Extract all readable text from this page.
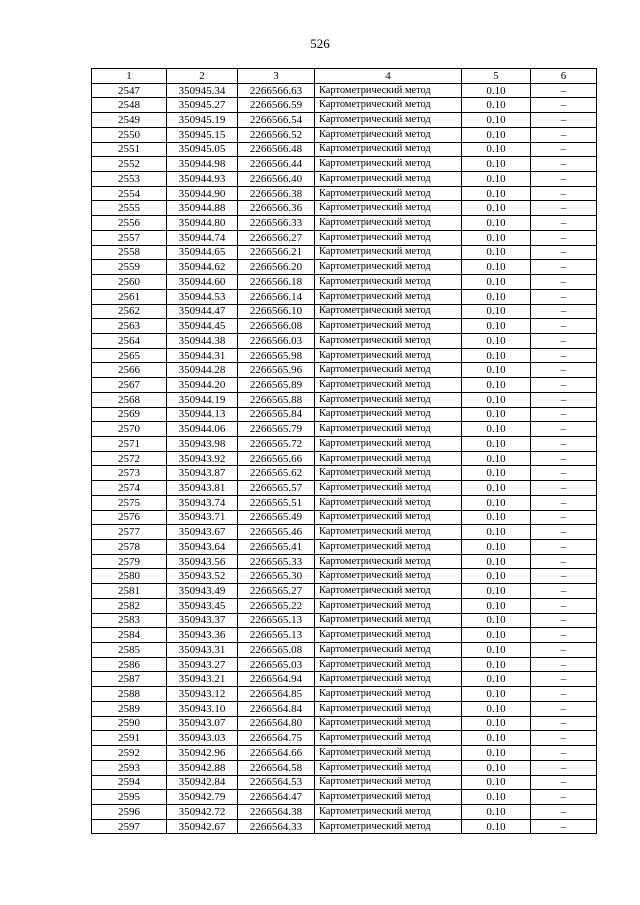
526
1	2	3	4	5	6
2547	350945.34	2266566.63	Картометрический метод	0.10	–
2548	350945.27	2266566.59	Картометрический метод	0.10	–
2549	350945.19	2266566.54	Картометрический метод	0.10	–
2550	350945.15	2266566.52	Картометрический метод	0.10	–
2551	350945.05	2266566.48	Картометрический метод	0.10	–
2552	350944.98	2266566.44	Картометрический метод	0.10	–
2553	350944.93	2266566.40	Картометрический метод	0.10	–
2554	350944.90	2266566.38	Картометрический метод	0.10	–
2555	350944.88	2266566.36	Картометрический метод	0.10	–
2556	350944.80	2266566.33	Картометрический метод	0.10	–
2557	350944.74	2266566.27	Картометрический метод	0.10	–
2558	350944.65	2266566.21	Картометрический метод	0.10	–
2559	350944.62	2266566.20	Картометрический метод	0.10	–
2560	350944.60	2266566.18	Картометрический метод	0.10	–
2561	350944.53	2266566.14	Картометрический метод	0.10	–
2562	350944.47	2266566.10	Картометрический метод	0.10	–
2563	350944.45	2266566.08	Картометрический метод	0.10	–
2564	350944.38	2266566.03	Картометрический метод	0.10	–
2565	350944.31	2266565.98	Картометрический метод	0.10	–
2566	350944.28	2266565.96	Картометрический метод	0.10	–
2567	350944.20	2266565.89	Картометрический метод	0.10	–
2568	350944.19	2266565.88	Картометрический метод	0.10	–
2569	350944.13	2266565.84	Картометрический метод	0.10	–
2570	350944.06	2266565.79	Картометрический метод	0.10	–
2571	350943.98	2266565.72	Картометрический метод	0.10	–
2572	350943.92	2266565.66	Картометрический метод	0.10	–
2573	350943.87	2266565.62	Картометрический метод	0.10	–
2574	350943.81	2266565.57	Картометрический метод	0.10	–
2575	350943.74	2266565.51	Картометрический метод	0.10	–
2576	350943.71	2266565.49	Картометрический метод	0.10	–
2577	350943.67	2266565.46	Картометрический метод	0.10	–
2578	350943.64	2266565.41	Картометрический метод	0.10	–
2579	350943.56	2266565.33	Картометрический метод	0.10	–
2580	350943.52	2266565.30	Картометрический метод	0.10	–
2581	350943.49	2266565.27	Картометрический метод	0.10	–
2582	350943.45	2266565.22	Картометрический метод	0.10	–
2583	350943.37	2266565.13	Картометрический метод	0.10	–
2584	350943.36	2266565.13	Картометрический метод	0.10	–
2585	350943.31	2266565.08	Картометрический метод	0.10	–
2586	350943.27	2266565.03	Картометрический метод	0.10	–
2587	350943.21	2266564.94	Картометрический метод	0.10	–
2588	350943.12	2266564.85	Картометрический метод	0.10	–
2589	350943.10	2266564.84	Картометрический метод	0.10	–
2590	350943.07	2266564.80	Картометрический метод	0.10	–
2591	350943.03	2266564.75	Картометрический метод	0.10	–
2592	350942.96	2266564.66	Картометрический метод	0.10	–
2593	350942.88	2266564.58	Картометрический метод	0.10	–
2594	350942.84	2266564.53	Картометрический метод	0.10	–
2595	350942.79	2266564.47	Картометрический метод	0.10	–
2596	350942.72	2266564.38	Картометрический метод	0.10	–
2597	350942.67	2266564.33	Картометрический метод	0.10	–
